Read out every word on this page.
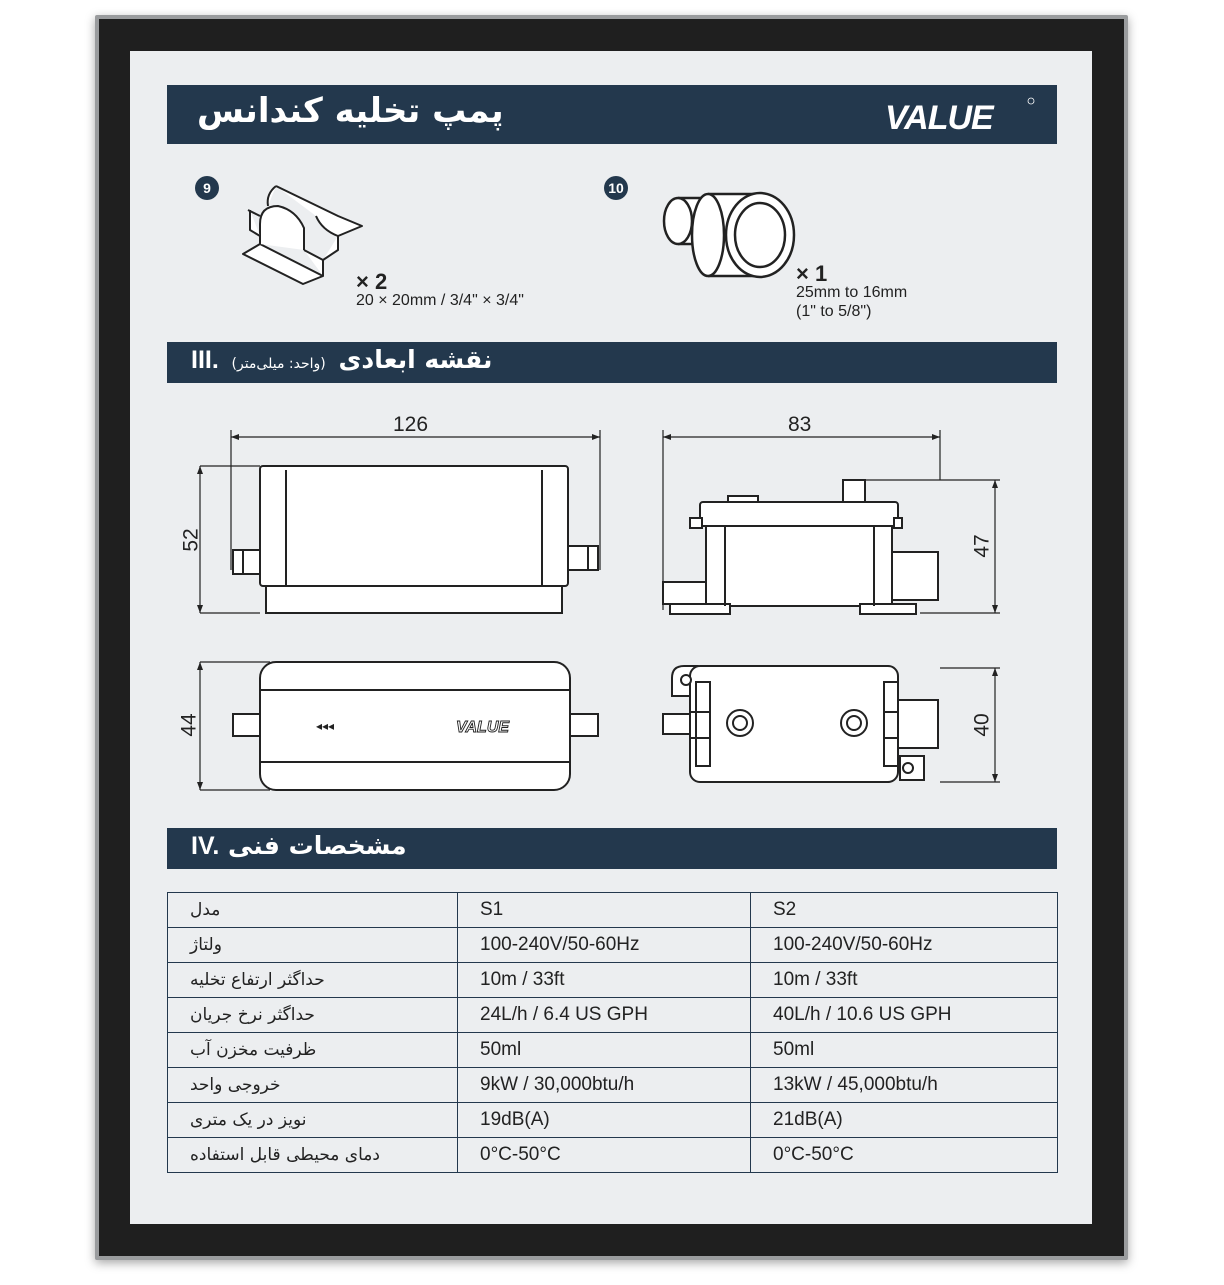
پمپ تخلیه کندانس	VALUE
9
× 2
20 × 20mm / 3/4" × 3/4"
10
× 1
25mm to 16mm
(1" to 5/8")
III. (واحد: میلی‌متر) نقشه ابعادی
◂◂◂	VALUE
126
52
83
47
44	40
IV. مشخصات فنی
مدل	S1	S2

ولتاژ	100-240V/50-60Hz	100-240V/50-60Hz

حداگثر ارتفاع تخلیه	10m / 33ft	10m / 33ft

حداگثر نرخ جریان	24L/h / 6.4 US GPH	40L/h / 10.6 US GPH

ظرفیت مخزن آب	50ml	50ml

خروجی واحد	9kW / 30,000btu/h	13kW / 45,000btu/h

نویز در یک متری	19dB(A)	21dB(A)

دمای محیطی قابل استفاده	0°C-50°C	0°C-50°C
